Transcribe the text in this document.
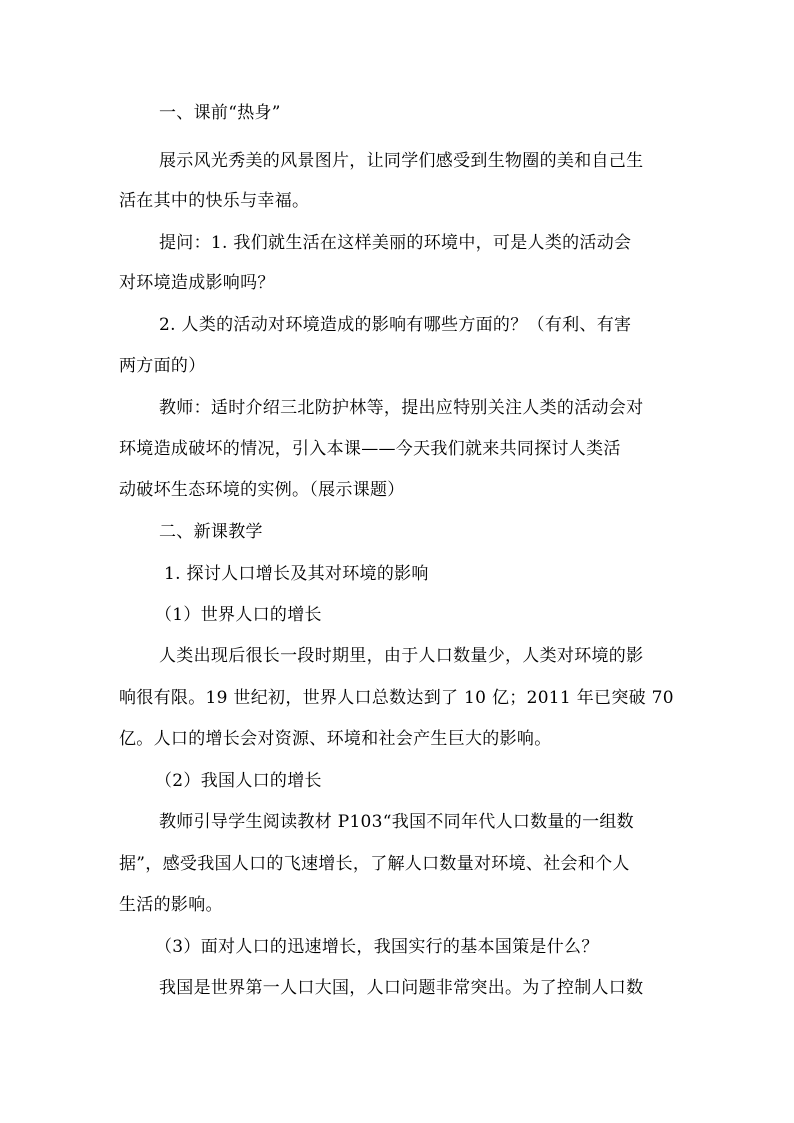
一、课前“热身”
展示风光秀美的风景图片，让同学们感受到生物圈的美和自己生
活在其中的快乐与幸福。
提问：1. 我们就生活在这样美丽的环境中，可是人类的活动会
对环境造成影响吗？
2. 人类的活动对环境造成的影响有哪些方面的？（有利、有害
两方面的）
教师：适时介绍三北防护林等，提出应特别关注人类的活动会对
环境造成破坏的情况，引入本课——今天我们就来共同探讨人类活
动破坏生态环境的实例。（展示课题）
二、新课教学
1. 探讨人口增长及其对环境的影响
（1）世界人口的增长
人类出现后很长一段时期里，由于人口数量少，人类对环境的影
响很有限。19 世纪初，世界人口总数达到了 10 亿；2011 年已突破 70
亿。人口的增长会对资源、环境和社会产生巨大的影响。
（2）我国人口的增长
教师引导学生阅读教材 P103“我国不同年代人口数量的一组数
据”，感受我国人口的飞速增长，了解人口数量对环境、社会和个人
生活的影响。
（3）面对人口的迅速增长，我国实行的基本国策是什么？
我国是世界第一人口大国，人口问题非常突出。为了控制人口数
